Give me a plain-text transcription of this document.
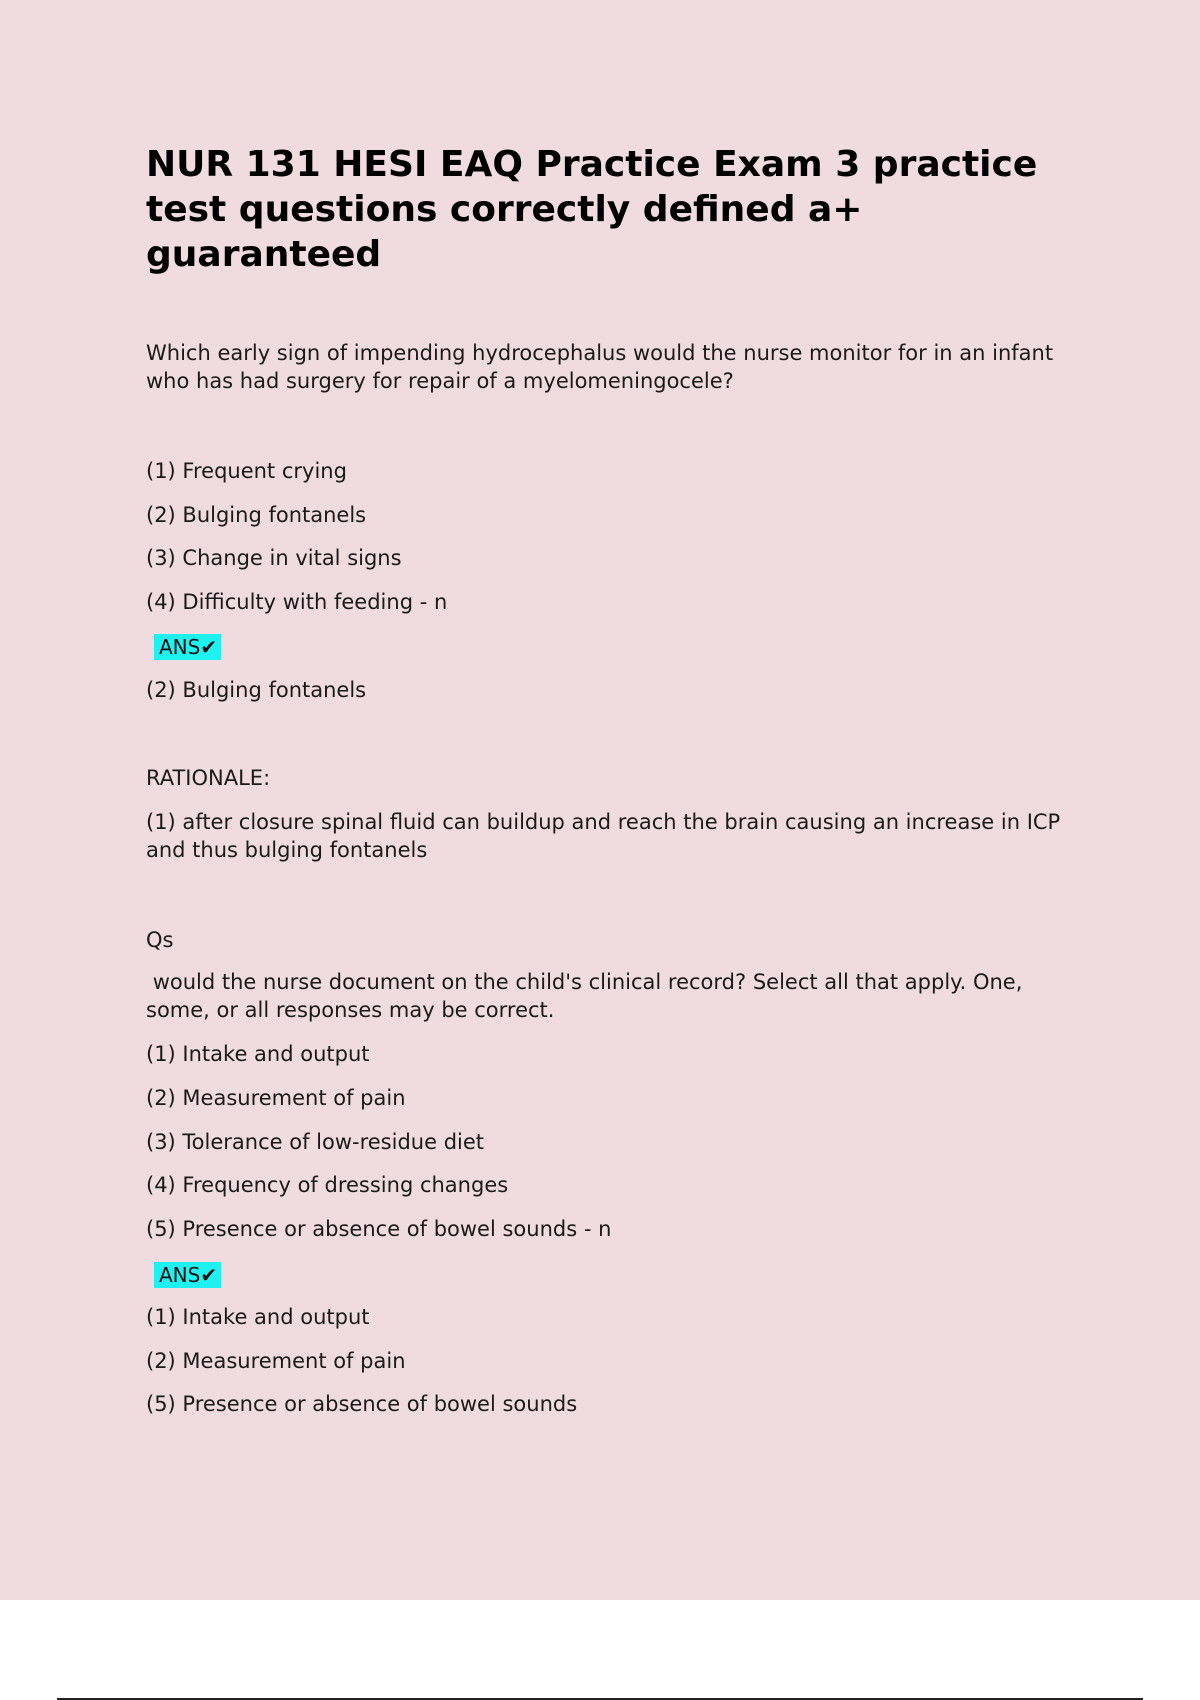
NUR 131 HESI EAQ Practice Exam 3 practice test questions correctly defined a+ guaranteed
Which early sign of impending hydrocephalus would the nurse monitor for in an infant who has had surgery for repair of a myelomeningocele?
(1) Frequent crying
(2) Bulging fontanels
(3) Change in vital signs
(4) Difficulty with feeding - n
ANS✔
(2) Bulging fontanels
RATIONALE:
(1) after closure spinal fluid can buildup and reach the brain causing an increase in ICP and thus bulging fontanels
Qs
would the nurse document on the child's clinical record? Select all that apply. One, some, or all responses may be correct.
(1) Intake and output
(2) Measurement of pain
(3) Tolerance of low-residue diet
(4) Frequency of dressing changes
(5) Presence or absence of bowel sounds - n
ANS✔
(1) Intake and output
(2) Measurement of pain
(5) Presence or absence of bowel sounds
